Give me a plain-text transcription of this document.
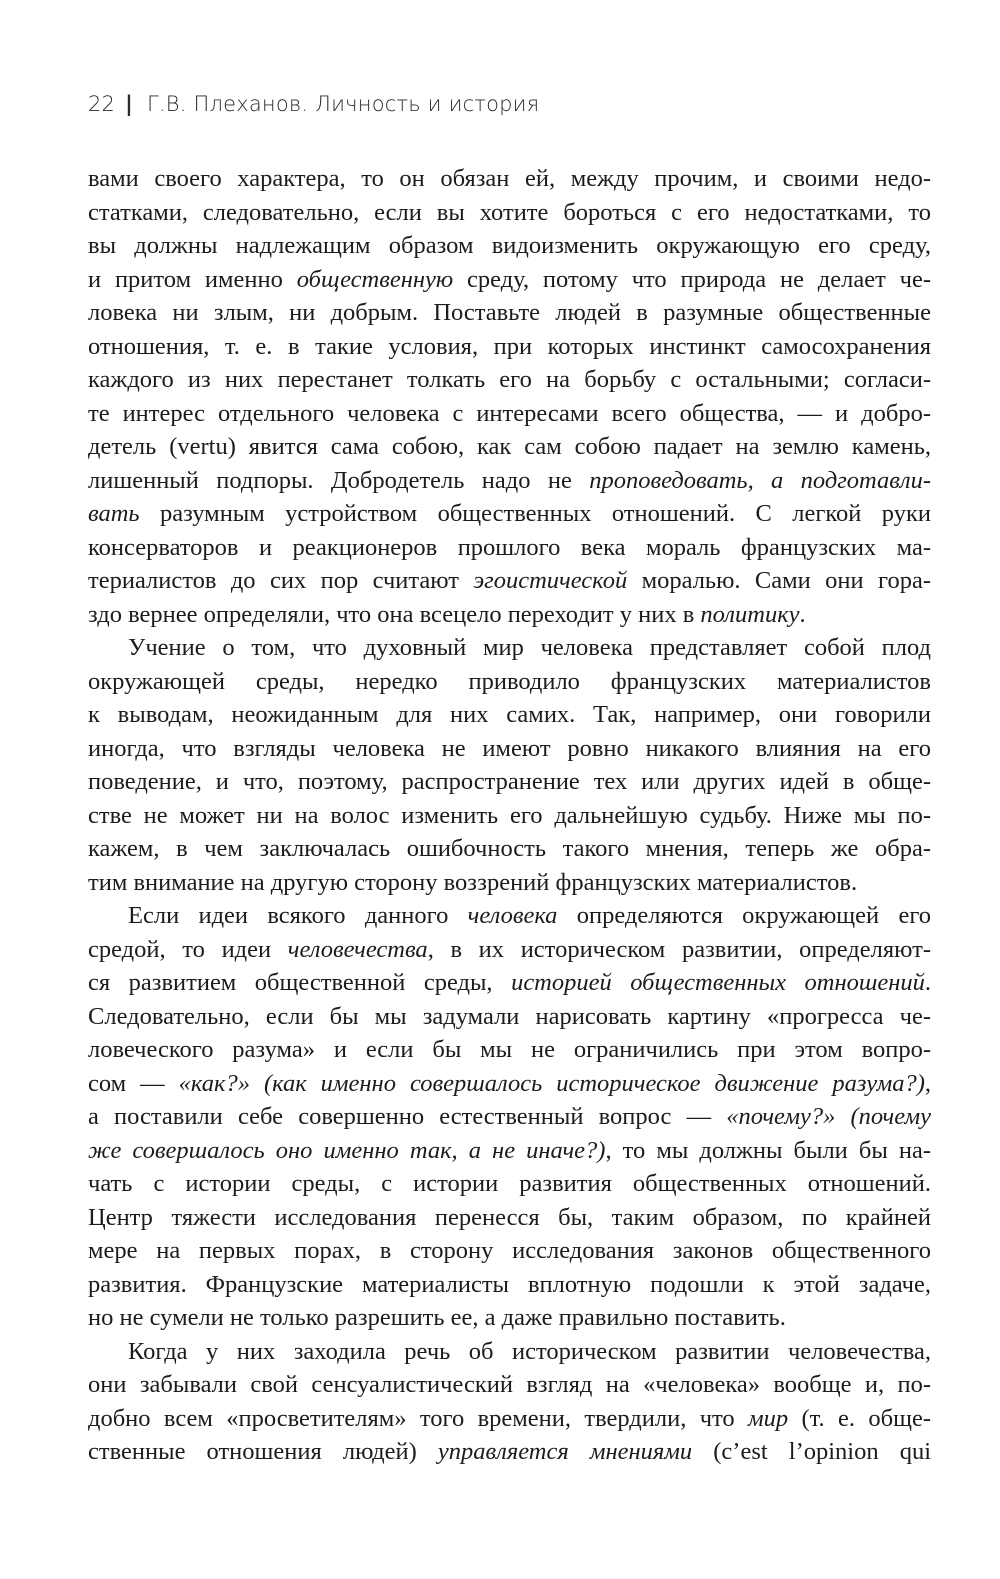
22 | Г.В. Плеханов. Личность и история
вами своего характера, то он обязан ей, между прочим, и своими недо-
статками, следовательно, если вы хотите бороться с его недостатками, то
вы должны надлежащим образом видоизменить окружающую его среду,
и притом именно общественную среду, потому что природа не делает че-
ловека ни злым, ни добрым. Поставьте людей в разумные общественные
отношения, т. е. в такие условия, при которых инстинкт самосохранения
каждого из них перестанет толкать его на борьбу с остальными; согласи-
те интерес отдельного человека с интересами всего общества, — и добро-
детель (vertu) явится сама собою, как сам собою падает на землю камень,
лишенный подпоры. Добродетель надо не проповедовать, а подготавли-
вать разумным устройством общественных отношений. С легкой руки
консерваторов и реакционеров прошлого века мораль французских ма-
териалистов до сих пор считают эгоистической моралью. Сами они гора-
здо вернее определяли, что она всецело переходит у них в политику.
Учение о том, что духовный мир человека представляет собой плод
окружающей среды, нередко приводило французских материалистов
к выводам, неожиданным для них самих. Так, например, они говорили
иногда, что взгляды человека не имеют ровно никакого влияния на его
поведение, и что, поэтому, распространение тех или других идей в обще-
стве не может ни на волос изменить его дальнейшую судьбу. Ниже мы по-
кажем, в чем заключалась ошибочность такого мнения, теперь же обра-
тим внимание на другую сторону воззрений французских материалистов.
Если идеи всякого данного человека определяются окружающей его
средой, то идеи человечества, в их историческом развитии, определяют-
ся развитием общественной среды, историей общественных отношений.
Следовательно, если бы мы задумали нарисовать картину «прогресса че-
ловеческого разума» и если бы мы не ограничились при этом вопро-
сом — «как?» (как именно совершалось историческое движение разума?),
а поставили себе совершенно естественный вопрос — «почему?» (почему
же совершалось оно именно так, а не иначе?), то мы должны были бы на-
чать с истории среды, с истории развития общественных отношений.
Центр тяжести исследования перенесся бы, таким образом, по крайней
мере на первых порах, в сторону исследования законов общественного
развития. Французские материалисты вплотную подошли к этой задаче,
но не сумели не только разрешить ее, а даже правильно поставить.
Когда у них заходила речь об историческом развитии человечества,
они забывали свой сенсуалистический взгляд на «человека» вообще и, по-
добно всем «просветителям» того времени, твердили, что мир (т. е. обще-
ственные отношения людей) управляется мнениями (c’est l’opinion qui
